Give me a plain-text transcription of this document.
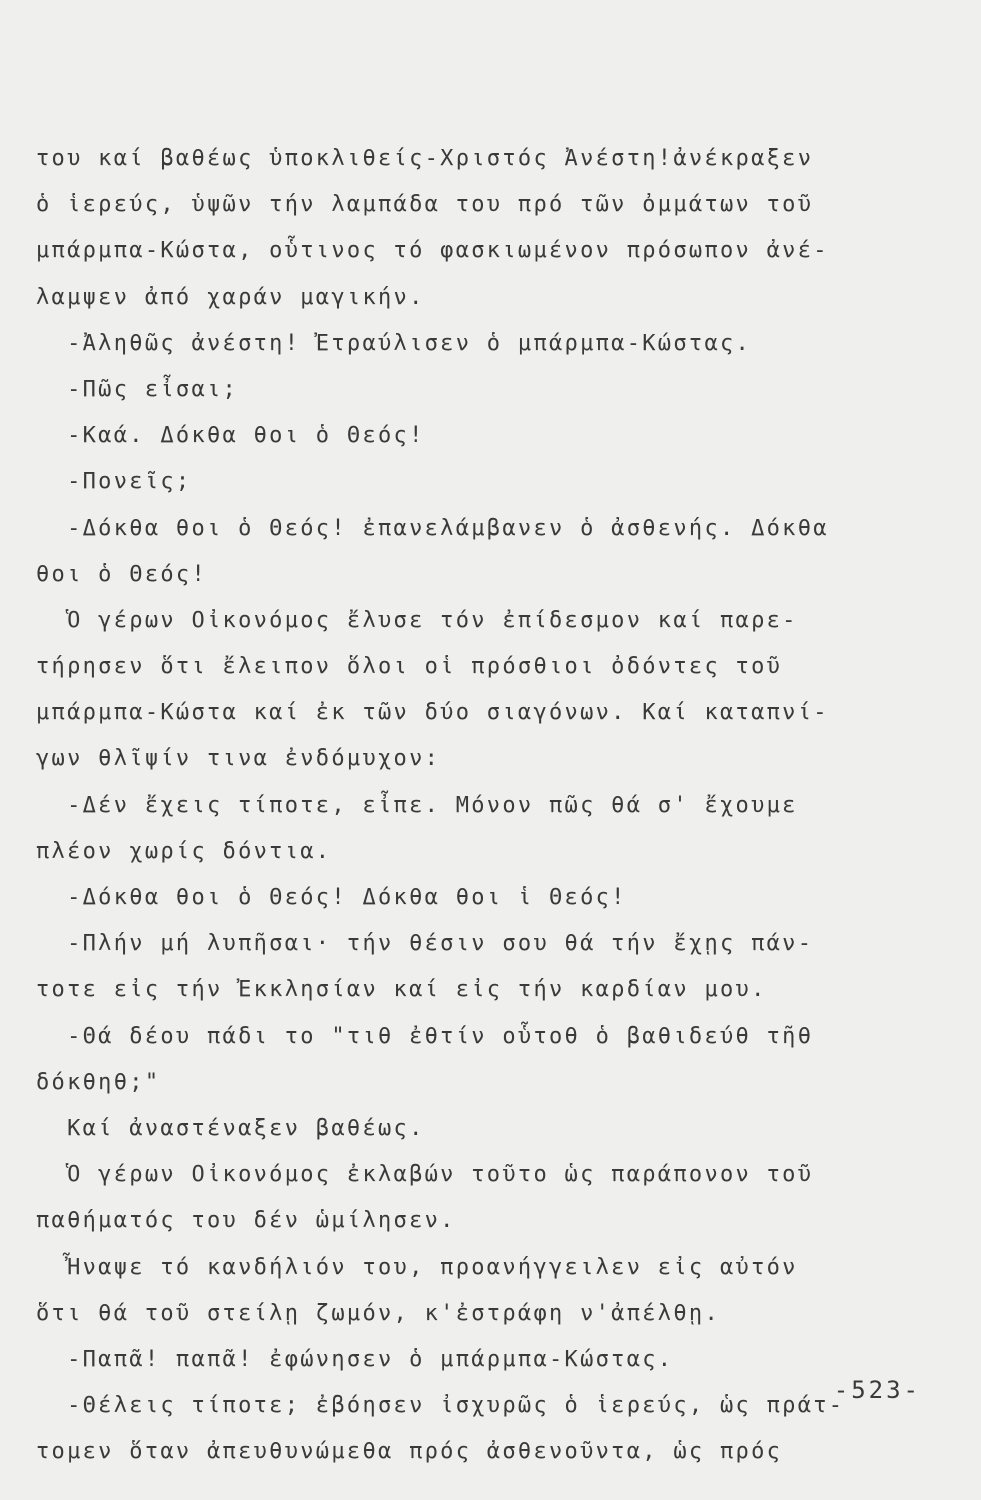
του καί βαθέως ὑποκλιθείς-Χριστός Ἀνέστη!ἀνέκραξεν
ὁ ἱερεύς, ὑψῶν τήν λαμπάδα του πρό τῶν ὀμμάτων τοῦ
μπάρμπα-Κώστα, οὗτινος τό φασκιωμένον πρόσωπον ἀνέ-
λαμψεν ἀπό χαράν μαγικήν.
-Ἀληθῶς ἀνέστη! Ἐτραύλισεν ὁ μπάρμπα-Κώστας.
-Πῶς εἶσαι;
-Καά. Δόκθα θοι ὁ Θεός!
-Πονεῖς;
-Δόκθα θοι ὁ Θεός! ἐπανελάμβανεν ὁ ἀσθενής. Δόκθα
θοι ὁ Θεός!
Ὁ γέρων Οἰκονόμος ἔλυσε τόν ἐπίδεσμον καί παρε-
τήρησεν ὅτι ἔλειπον ὅλοι οἱ πρόσθιοι ὀδόντες τοῦ
μπάρμπα-Κώστα καί ἐκ τῶν δύο σιαγόνων. Καί καταπνί-
γων θλῖψίν τινα ἐνδόμυχον:
-Δέν ἔχεις τίποτε, εἶπε. Μόνον πῶς θά σ' ἔχουμε
πλέον χωρίς δόντια.
-Δόκθα θοι ὁ Θεός! Δόκθα θοι ἱ Θεός!
-Πλήν μή λυπῆσαι· τήν θέσιν σου θά τήν ἔχῃς πάν-
τοτε εἰς τήν Ἐκκλησίαν καί εἰς τήν καρδίαν μου.
-Θά δέου πάδι το "τιθ ἐθτίν οὗτοθ ὁ βαθιδεύθ τῆθ
δόκθηθ;"
Καί ἀναστέναξεν βαθέως.
Ὁ γέρων Οἰκονόμος ἐκλαβών τοῦτο ὡς παράπονον τοῦ
παθήματός του δέν ὡμίλησεν.
Ἦναψε τό κανδήλιόν του, προανήγγειλεν εἰς αὐτόν
ὅτι θά τοῦ στείλῃ ζωμόν, κ'ἐστράφη ν'ἀπέλθῃ.
-Παπᾶ! παπᾶ! ἐφώνησεν ὁ μπάρμπα-Κώστας.
-Θέλεις τίποτε; ἐβόησεν ἰσχυρῶς ὁ ἱερεύς, ὡς πράτ-
τομεν ὅταν ἀπευθυνώμεθα πρός ἀσθενοῦντα, ὡς πρός
-523-
